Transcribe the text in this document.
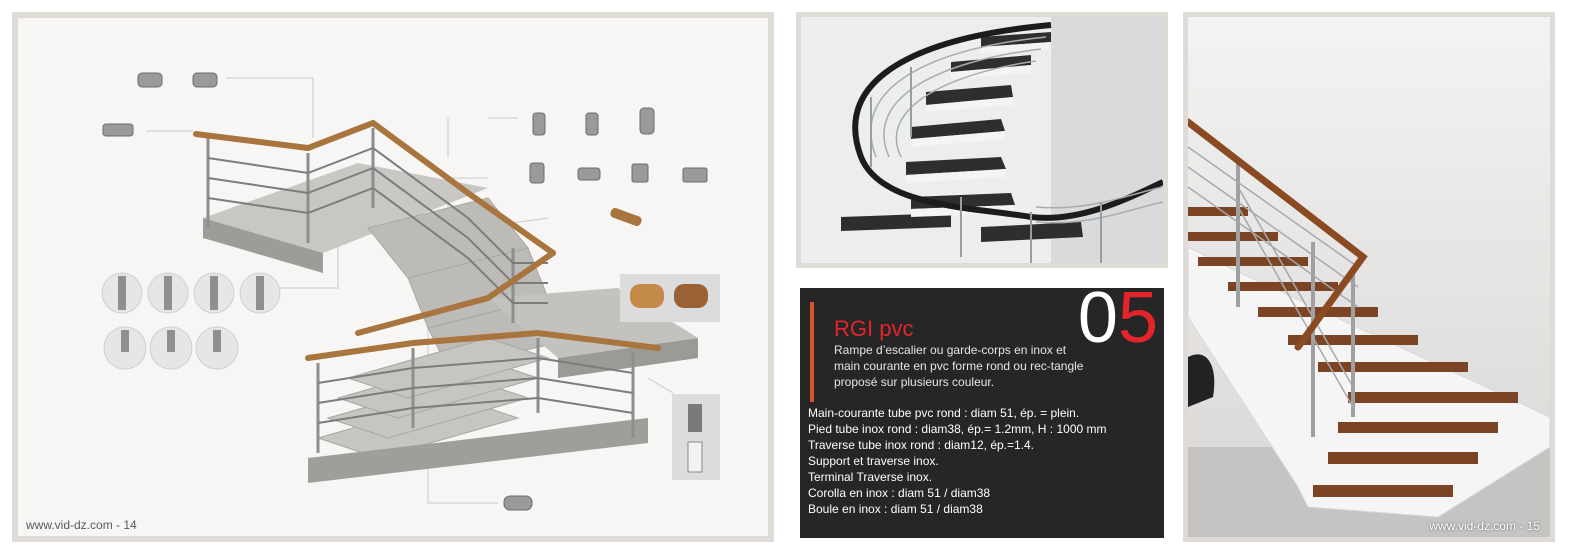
www.vid-dz.com - 14
05
RGI pvc
Rampe d’escalier ou garde-corps en inox et main courante en pvc forme rond ou rec-tangle proposé sur plusieurs couleur.
Main-courante tube pvc rond : diam 51, ép. = plein.
Pied tube inox rond : diam38, ép.= 1.2mm, H : 1000 mm
Traverse tube inox rond : diam12, ép.=1.4.
Support et traverse inox.
Terminal Traverse inox.
Corolla en inox : diam 51 / diam38
Boule en inox : diam 51 / diam38
www.vid-dz.com - 15
